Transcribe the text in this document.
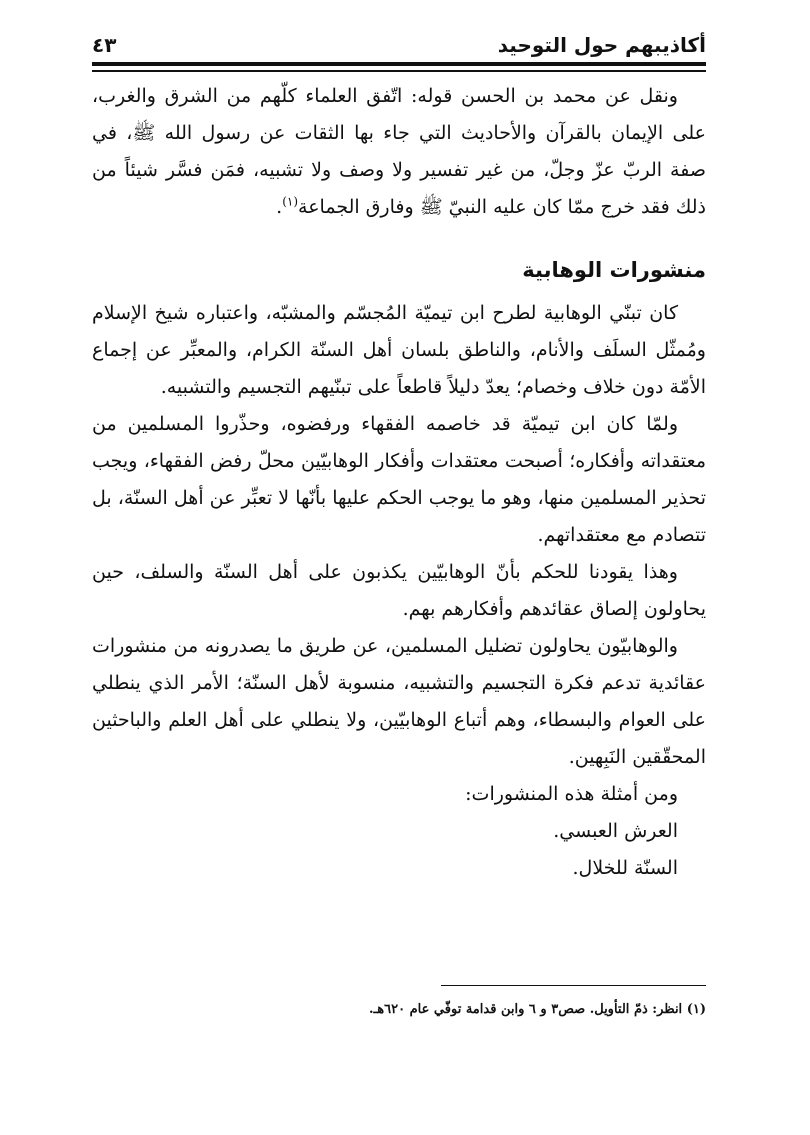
أكاذيبهم حول التوحيد
٤٣

ونقل عن محمد بن الحسن قوله: اتّفق العلماء كلّهم من الشرق والغرب، على الإيمان بالقرآن والأحاديث التي جاء بها الثقات عن رسول الله ﷺ، في صفة الربّ عزّ وجلّ، من غير تفسير ولا وصف ولا تشبيه، فمَن فسَّر شيئاً من ذلك فقد خرج ممّا كان عليه النبيّ ﷺ وفارق الجماعة$^{(١)}$.

منشورات الوهابية

كان تبنّي الوهابية لطرح ابن تيميّة المُجسّم والمشبّه، واعتباره شيخ الإسلام ومُمثّل السلَف والأنام، والناطق بلسان أهل السنّة الكرام، والمعبِّر عن إجماع الأمّة دون خلاف وخصام؛ يعدّ دليلاً قاطعاً على تبنّيهم التجسيم والتشبيه.

ولمّا كان ابن تيميّة قد خاصمه الفقهاء ورفضوه، وحذّروا المسلمين من معتقداته وأفكاره؛ أصبحت معتقدات وأفكار الوهابيّين محلّ رفض الفقهاء، ويجب تحذير المسلمين منها، وهو ما يوجب الحكم عليها بأنّها لا تعبِّر عن أهل السنّة، بل تتصادم مع معتقداتهم.

وهذا يقودنا للحكم بأنّ الوهابيّين يكذبون على أهل السنّة والسلف، حين يحاولون إلصاق عقائدهم وأفكارهم بهم.

والوهابيّون يحاولون تضليل المسلمين، عن طريق ما يصدرونه من منشورات عقائدية تدعم فكرة التجسيم والتشبيه، منسوبة لأهل السنّة؛ الأمر الذي ينطلي على العوام والبسطاء، وهم أتباع الوهابيّين، ولا ينطلي على أهل العلم والباحثين المحقّقين النَبِهين.

ومن أمثلة هذه المنشورات:

العرش العبسي.

السنّة للخلال.

(١) انظر: ذمّ التأويل. صص٣ و ٦ وابن قدامة توفّي عام ٦٢٠هـ.
